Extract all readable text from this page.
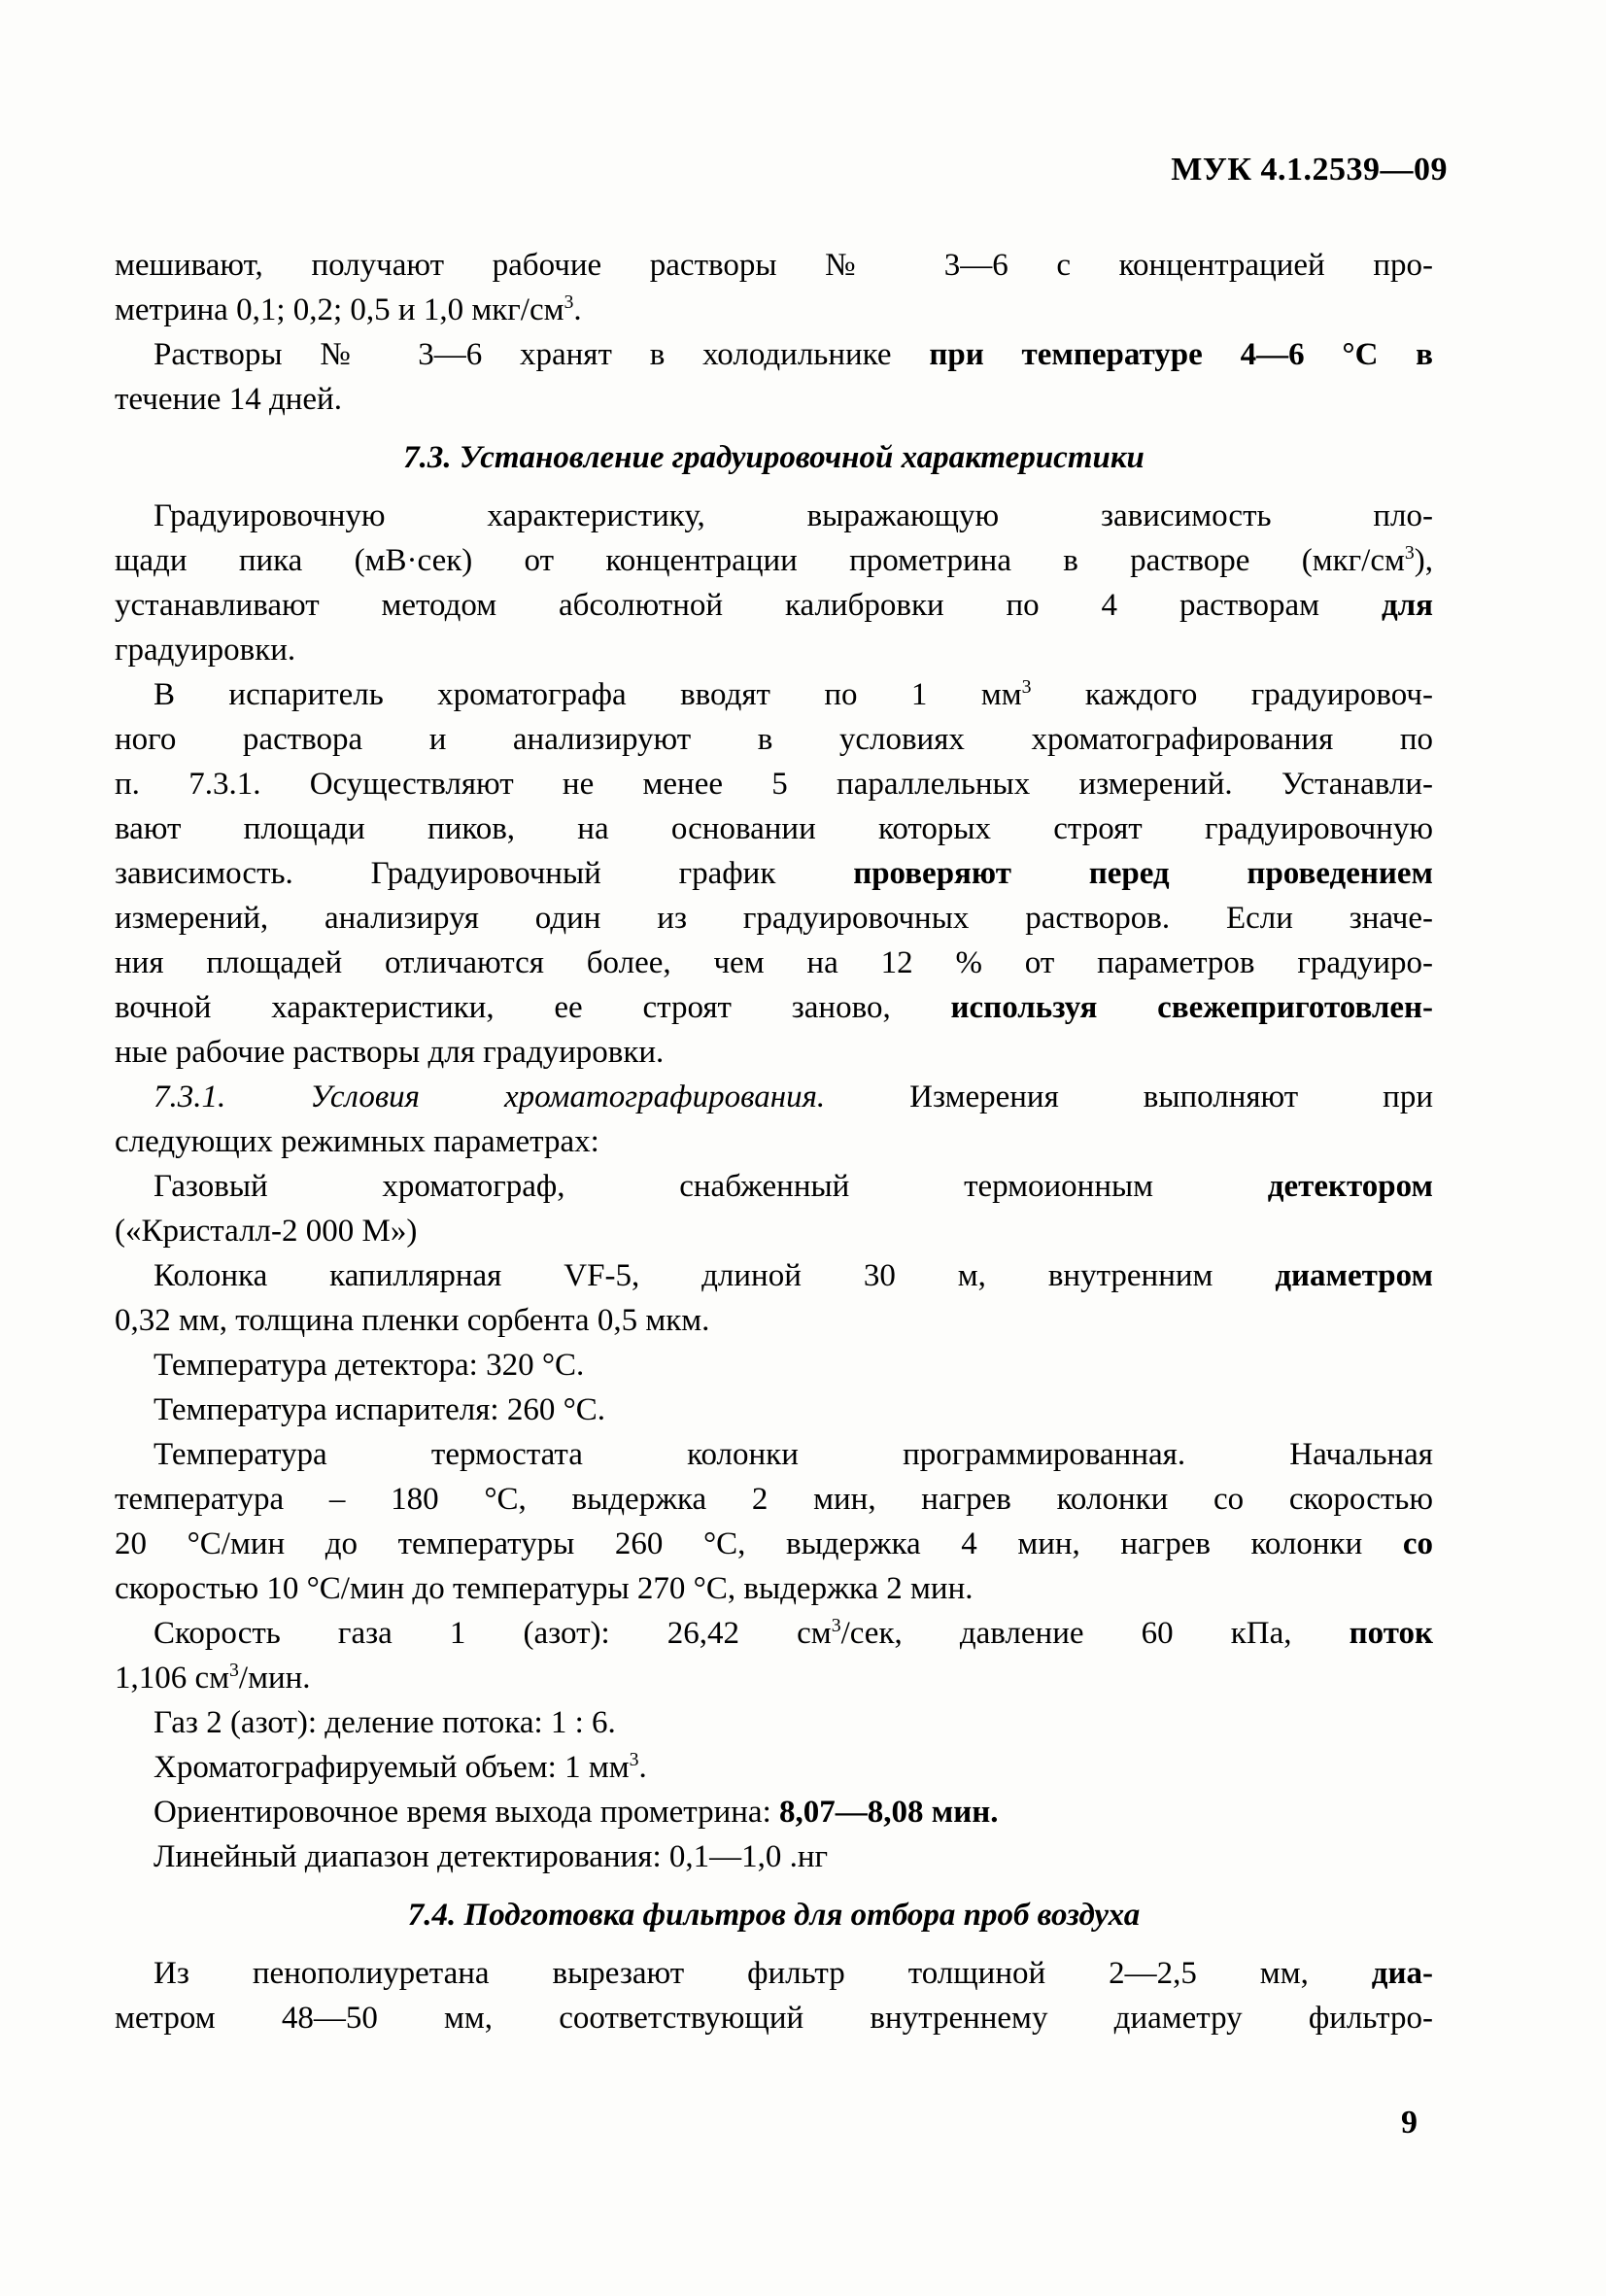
МУК 4.1.2539—09
мешивают, получают рабочие растворы № 3—6 с концентрацией про-
метрина 0,1; 0,2; 0,5 и 1,0 мкг/$см^3$.
Растворы № 3—6 хранят в холодильнике при температуре 4—6 °С в
течение 14 дней.
7.3. Установление градуировочной характеристики
Градуировочную характеристику, выражающую зависимость пло-
щади пика (мВ·сек) от концентрации прометрина в растворе $(мкг/см^3)$,
устанавливают методом абсолютной калибровки по 4 растворам для
градуировки.
В испаритель хроматографа вводят по 1 $мм^3$ каждого градуировоч-
ного раствора и анализируют в условиях хроматографирования по
п. 7.3.1. Осуществляют не менее 5 параллельных измерений. Устанавли-
вают площади пиков, на основании которых строят градуировочную
зависимость. Градуировочный график проверяют перед проведением
измерений, анализируя один из градуировочных растворов. Если значе-
ния площадей отличаются более, чем на 12 % от параметров градуиро-
вочной характеристики, ее строят заново, используя свежеприготовлен-
ные рабочие растворы для градуировки.
7.3.1. Условия хроматографирования. Измерения выполняют при
следующих режимных параметрах:
Газовый хроматограф, снабженный термоионным детектором
(«Кристалл-2 000 М»)
Колонка капиллярная VF-5, длиной 30 м, внутренним диаметром
0,32 мм, толщина пленки сорбента 0,5 мкм.
Температура детектора: 320 °С.
Температура испарителя: 260 °С.
Температура термостата колонки программированная. Начальная
температура – 180 °С, выдержка 2 мин, нагрев колонки со скоростью
20 °С/мин до температуры 260 °С, выдержка 4 мин, нагрев колонки со
скоростью 10 °С/мин до температуры 270 °С, выдержка 2 мин.
Скорость газа 1 (азот): 26,42 $см^3$/сек, давление 60 кПа, поток
1,106 $см^3$/мин.
Газ 2 (азот): деление потока: 1 : 6.
Хроматографируемый объем: 1 $мм^3$.
Ориентировочное время выхода прометрина: 8,07—8,08 мин.
Линейный диапазон детектирования: 0,1—1,0 .нг
7.4. Подготовка фильтров для отбора проб воздуха
Из пенополиуретана вырезают фильтр толщиной 2—2,5 мм, диа-
метром 48—50 мм, соответствующий внутреннему диаметру фильтро-
9
